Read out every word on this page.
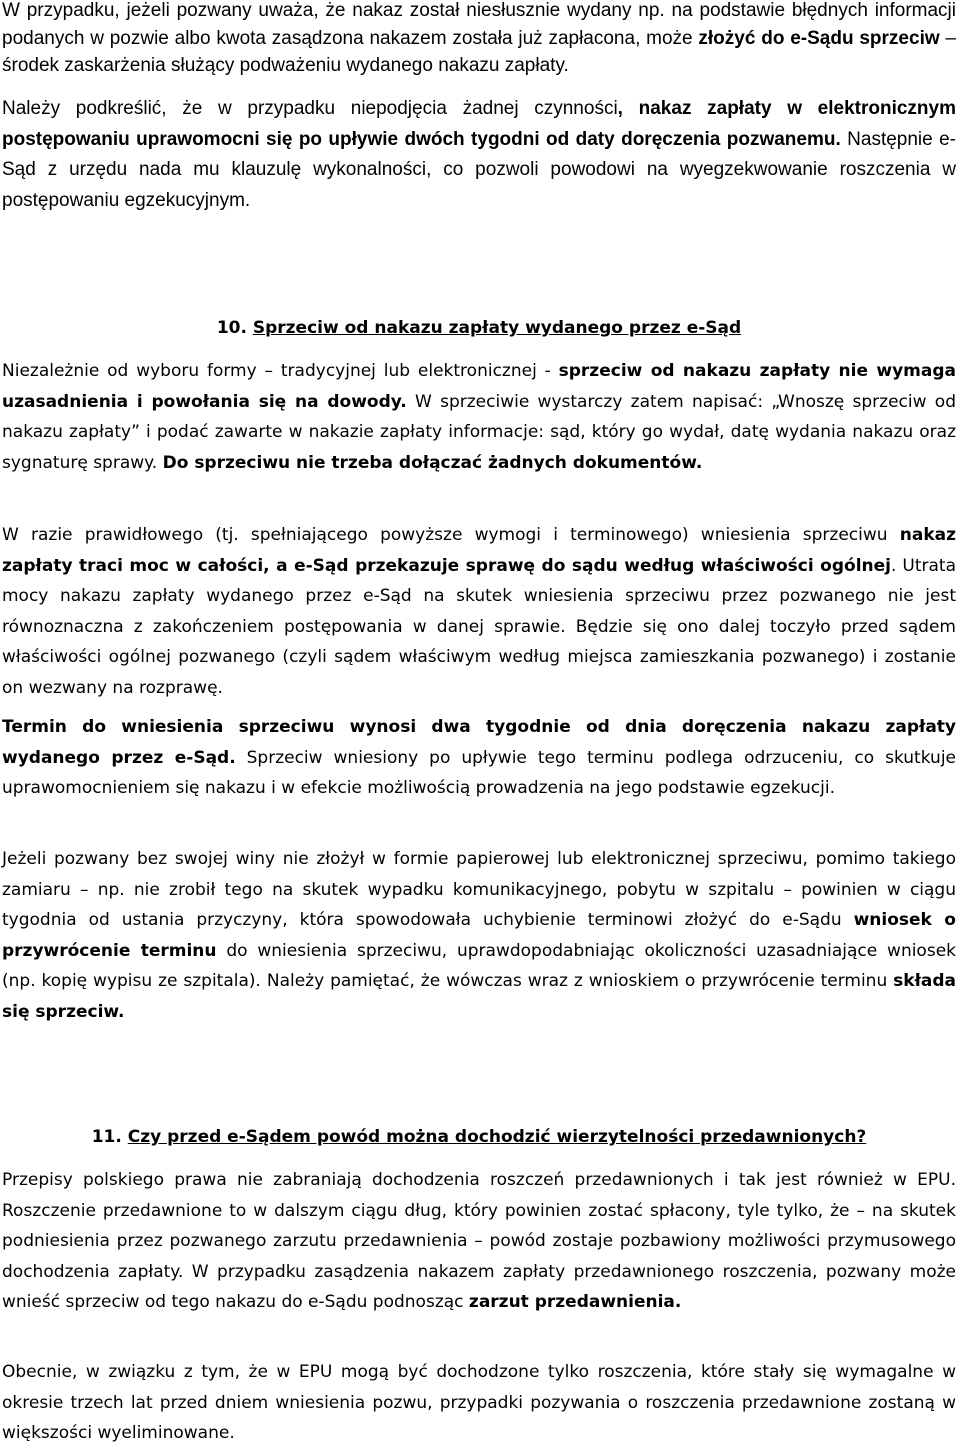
W przypadku, jeżeli pozwany uważa, że nakaz został niesłusznie wydany np. na podstawie błędnych informacji podanych w pozwie albo kwota zasądzona nakazem została już zapłacona, może złożyć do e-Sądu sprzeciw – środek zaskarżenia służący podważeniu wydanego nakazu zapłaty.

Należy podkreślić, że w przypadku niepodjęcia żadnej czynności, nakaz zapłaty w elektronicznym postępowaniu uprawomocni się po upływie dwóch tygodni od daty doręczenia pozwanemu. Następnie e-Sąd z urzędu nada mu klauzulę wykonalności, co pozwoli powodowi na wyegzekwowanie roszczenia w postępowaniu egzekucyjnym.

10. Sprzeciw od nakazu zapłaty wydanego przez e-Sąd

Niezależnie od wyboru formy – tradycyjnej lub elektronicznej - sprzeciw od nakazu zapłaty nie wymaga uzasadnienia i powołania się na dowody. W sprzeciwie wystarczy zatem napisać: „Wnoszę sprzeciw od nakazu zapłaty” i podać zawarte w nakazie zapłaty informacje: sąd, który go wydał, datę wydania nakazu oraz sygnaturę sprawy. Do sprzeciwu nie trzeba dołączać żadnych dokumentów.

W razie prawidłowego (tj. spełniającego powyższe wymogi i terminowego) wniesienia sprzeciwu nakaz zapłaty traci moc w całości, a e-Sąd przekazuje sprawę do sądu według właściwości ogólnej. Utrata mocy nakazu zapłaty wydanego przez e-Sąd na skutek wniesienia sprzeciwu przez pozwanego nie jest równoznaczna z zakończeniem postępowania w danej sprawie. Będzie się ono dalej toczyło przed sądem właściwości ogólnej pozwanego (czyli sądem właściwym według miejsca zamieszkania pozwanego) i zostanie on wezwany na rozprawę.

Termin do wniesienia sprzeciwu wynosi dwa tygodnie od dnia doręczenia nakazu zapłaty wydanego przez e-Sąd. Sprzeciw wniesiony po upływie tego terminu podlega odrzuceniu, co skutkuje uprawomocnieniem się nakazu i w efekcie możliwością prowadzenia na jego podstawie egzekucji.

Jeżeli pozwany bez swojej winy nie złożył w formie papierowej lub elektronicznej sprzeciwu, pomimo takiego zamiaru – np. nie zrobił tego na skutek wypadku komunikacyjnego, pobytu w szpitalu – powinien w ciągu tygodnia od ustania przyczyny, która spowodowała uchybienie terminowi złożyć do e-Sądu wniosek o przywrócenie terminu do wniesienia sprzeciwu, uprawdopodabniając okoliczności uzasadniające wniosek (np. kopię wypisu ze szpitala). Należy pamiętać, że wówczas wraz z wnioskiem o przywrócenie terminu składa się sprzeciw.

11. Czy przed e-Sądem powód można dochodzić wierzytelności przedawnionych?

Przepisy polskiego prawa nie zabraniają dochodzenia roszczeń przedawnionych i tak jest również w EPU. Roszczenie przedawnione to w dalszym ciągu dług, który powinien zostać spłacony, tyle tylko, że – na skutek podniesienia przez pozwanego zarzutu przedawnienia – powód zostaje pozbawiony możliwości przymusowego dochodzenia zapłaty. W przypadku zasądzenia nakazem zapłaty przedawnionego roszczenia, pozwany może wnieść sprzeciw od tego nakazu do e-Sądu podnosząc zarzut przedawnienia.

Obecnie, w związku z tym, że w EPU mogą być dochodzone tylko roszczenia, które stały się wymagalne w okresie trzech lat przed dniem wniesienia pozwu, przypadki pozywania o roszczenia przedawnione zostaną w większości wyeliminowane.
